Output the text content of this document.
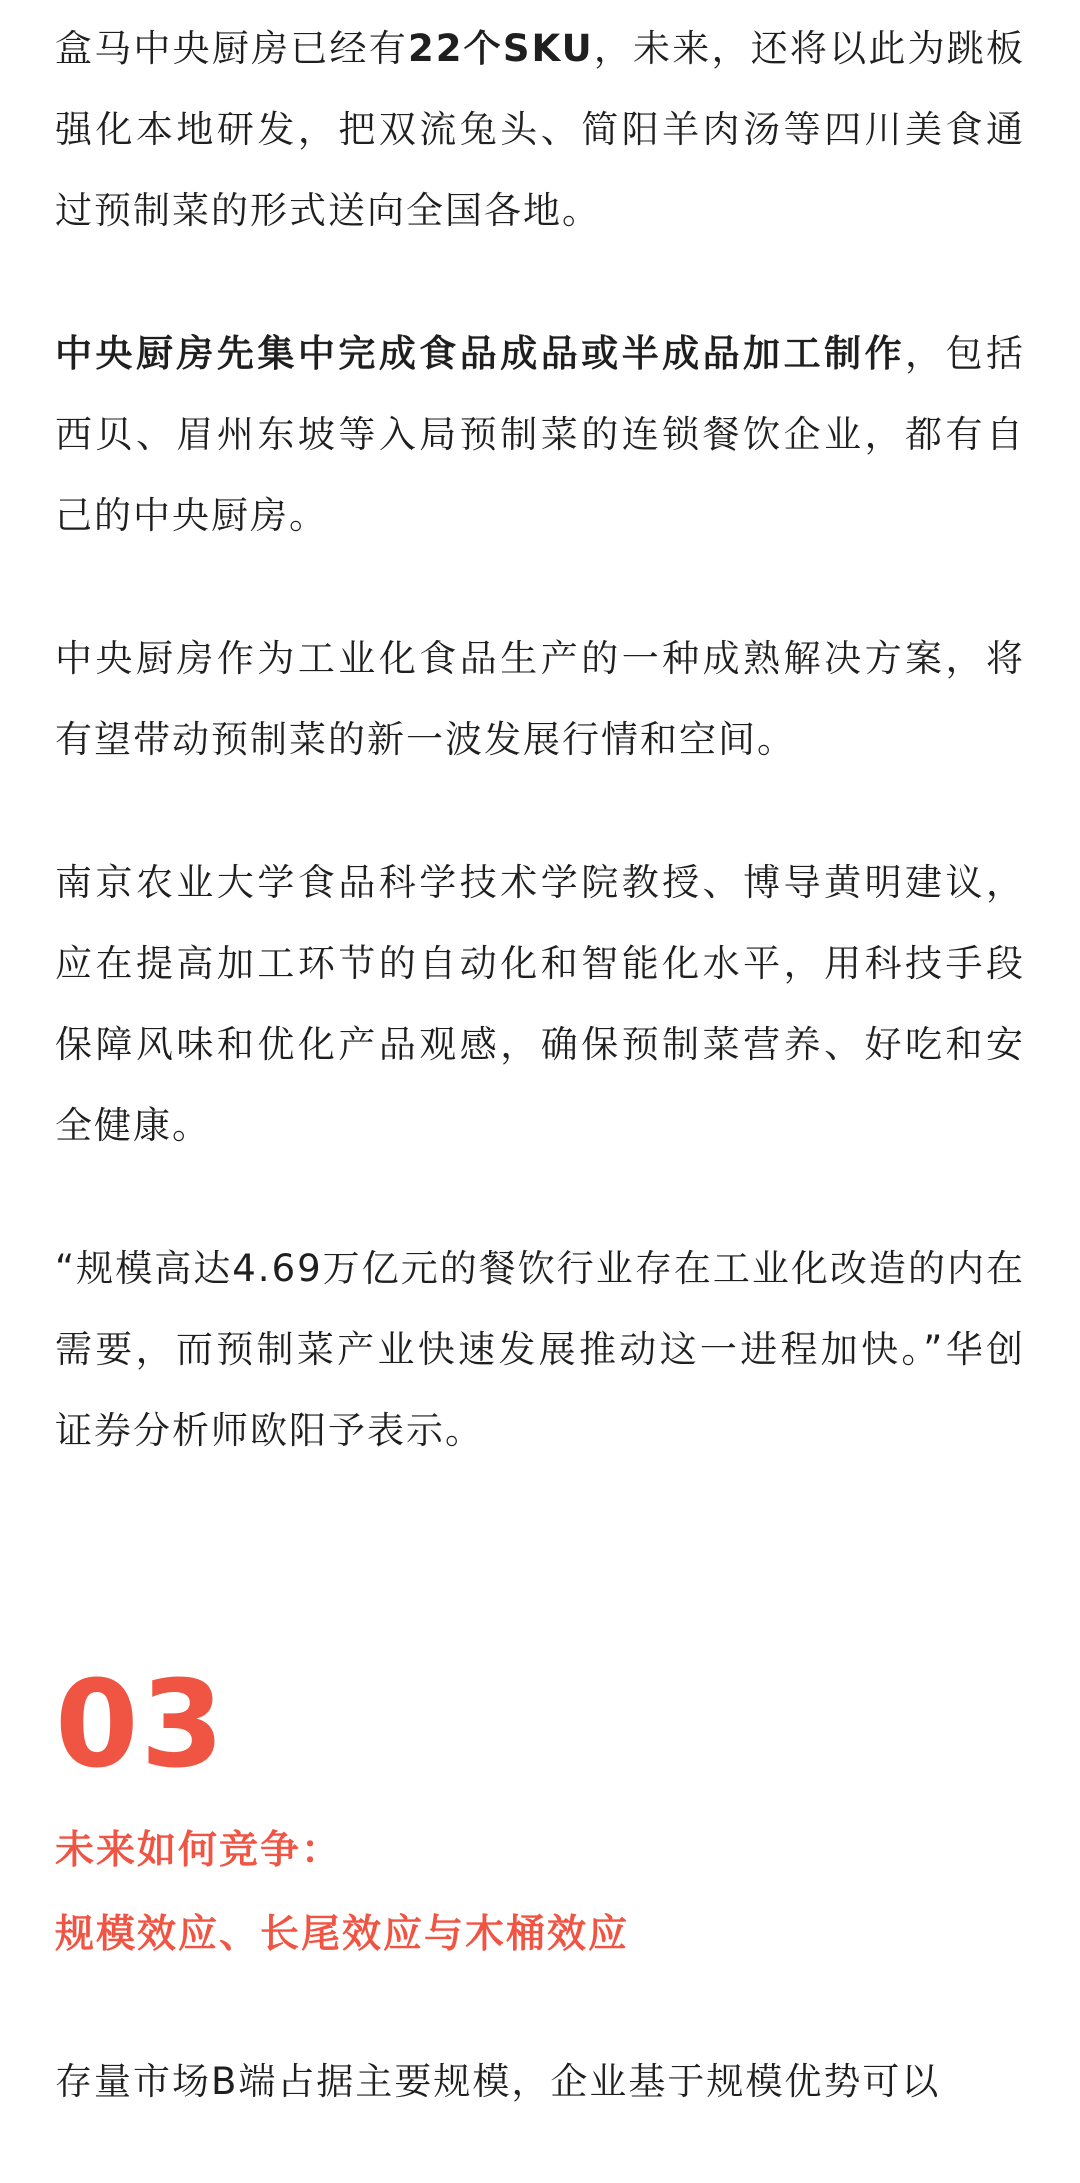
盒马中央厨房已经有22个SKU，未来，还将以此为跳板强化本地研发，把双流兔头、简阳羊肉汤等四川美食通过预制菜的形式送向全国各地。

中央厨房先集中完成食品成品或半成品加工制作，包括西贝、眉州东坡等入局预制菜的连锁餐饮企业，都有自己的中央厨房。

中央厨房作为工业化食品生产的一种成熟解决方案，将有望带动预制菜的新一波发展行情和空间。

南京农业大学食品科学技术学院教授、博导黄明建议，应在提高加工环节的自动化和智能化水平，用科技手段保障风味和优化产品观感，确保预制菜营养、好吃和安全健康。

“规模高达4.69万亿元的餐饮行业存在工业化改造的内在需要，而预制菜产业快速发展推动这一进程加快。”华创证券分析师欧阳予表示。

03
未来如何竞争：
规模效应、长尾效应与木桶效应

存量市场B端占据主要规模，企业基于规模优势可以
